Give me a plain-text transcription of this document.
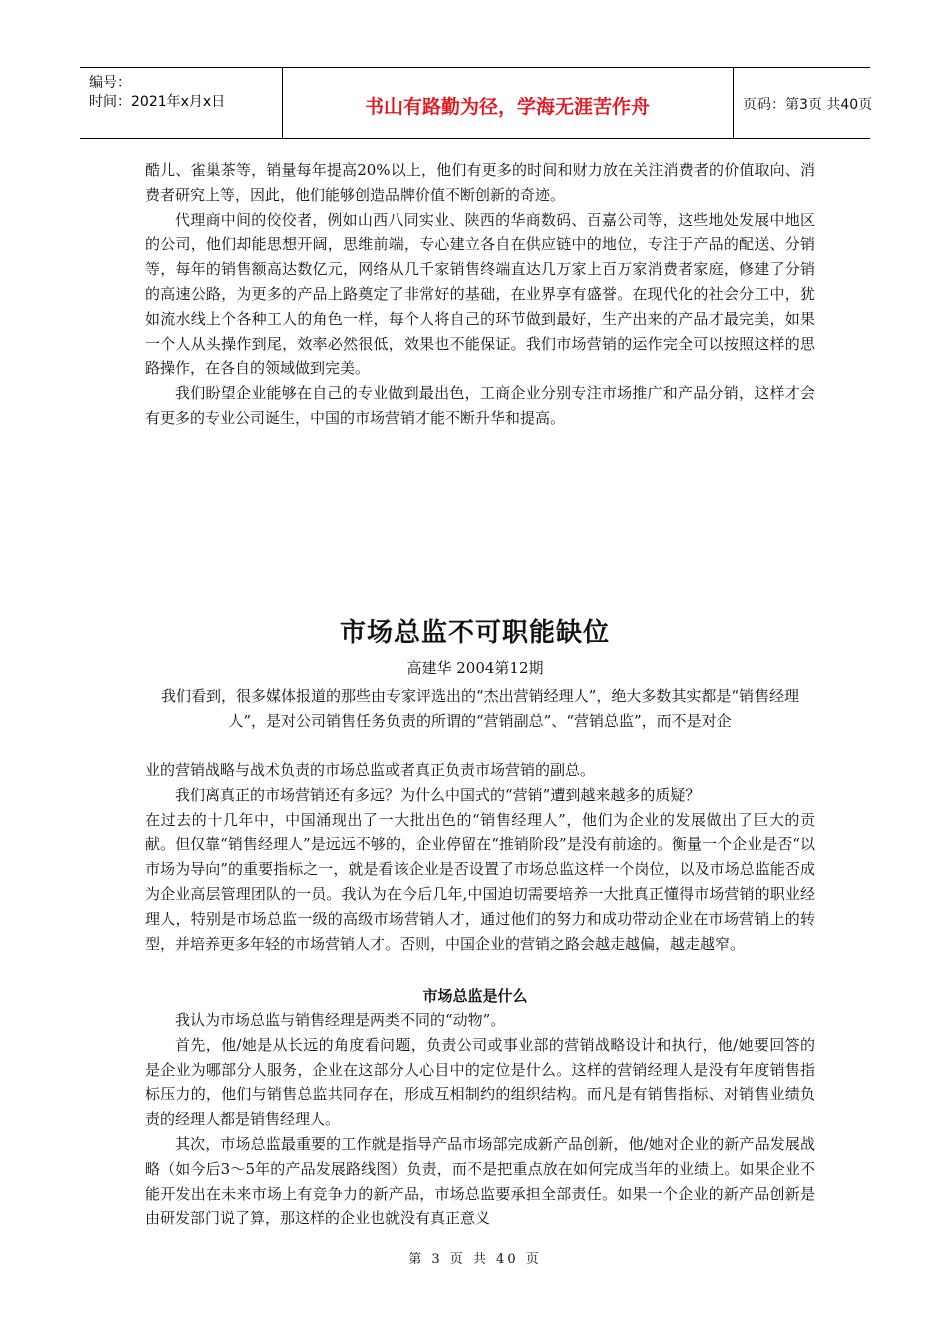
编号：
时间：2021年x月x日	书山有路勤为径，学海无涯苦作舟	页码：第3页 共40页

酷儿、雀巢茶等，销量每年提高20%以上，他们有更多的时间和财力放在关注消费者的价值取向、消费者研究上等，因此，他们能够创造品牌价值不断创新的奇迹。

代理商中间的佼佼者，例如山西八同实业、陕西的华商数码、百嘉公司等，这些地处发展中地区的公司，他们却能思想开阔，思维前端，专心建立各自在供应链中的地位，专注于产品的配送、分销等，每年的销售额高达数亿元，网络从几千家销售终端直达几万家上百万家消费者家庭，修建了分销的高速公路，为更多的产品上路奠定了非常好的基础，在业界享有盛誉。在现代化的社会分工中，犹如流水线上个各种工人的角色一样，每个人将自己的环节做到最好，生产出来的产品才最完美，如果一个人从头操作到尾，效率必然很低，效果也不能保证。我们市场营销的运作完全可以按照这样的思路操作，在各自的领域做到完美。

我们盼望企业能够在自己的专业做到最出色，工商企业分别专注市场推广和产品分销，这样才会有更多的专业公司诞生，中国的市场营销才能不断升华和提高。

市场总监不可职能缺位
高建华 2004第12期
我们看到，很多媒体报道的那些由专家评选出的“杰出营销经理人”，绝大多数其实都是“销售经理人”，是对公司销售任务负责的所谓的“营销副总”、“营销总监”，而不是对企

业的营销战略与战术负责的市场总监或者真正负责市场营销的副总。

我们离真正的市场营销还有多远？为什么中国式的“营销”遭到越来越多的质疑？

在过去的十几年中，中国涌现出了一大批出色的“销售经理人”，他们为企业的发展做出了巨大的贡献。但仅靠“销售经理人”是远远不够的，企业停留在“推销阶段”是没有前途的。衡量一个企业是否“以市场为导向”的重要指标之一，就是看该企业是否设置了市场总监这样一个岗位，以及市场总监能否成为企业高层管理团队的一员。我认为在今后几年,中国迫切需要培养一大批真正懂得市场营销的职业经理人，特别是市场总监一级的高级市场营销人才，通过他们的努力和成功带动企业在市场营销上的转型，并培养更多年轻的市场营销人才。否则，中国企业的营销之路会越走越偏，越走越窄。

市场总监是什么

我认为市场总监与销售经理是两类不同的“动物”。

首先，他/她是从长远的角度看问题，负责公司或事业部的营销战略设计和执行，他/她要回答的是企业为哪部分人服务，企业在这部分人心目中的定位是什么。这样的营销经理人是没有年度销售指标压力的，他们与销售总监共同存在，形成互相制约的组织结构。而凡是有销售指标、对销售业绩负责的经理人都是销售经理人。

其次，市场总监最重要的工作就是指导产品市场部完成新产品创新，他/她对企业的新产品发展战略（如今后3～5年的产品发展路线图）负责，而不是把重点放在如何完成当年的业绩上。如果企业不能开发出在未来市场上有竞争力的新产品，市场总监要承担全部责任。如果一个企业的新产品创新是由研发部门说了算，那这样的企业也就没有真正意义

第 3 页 共 40 页
